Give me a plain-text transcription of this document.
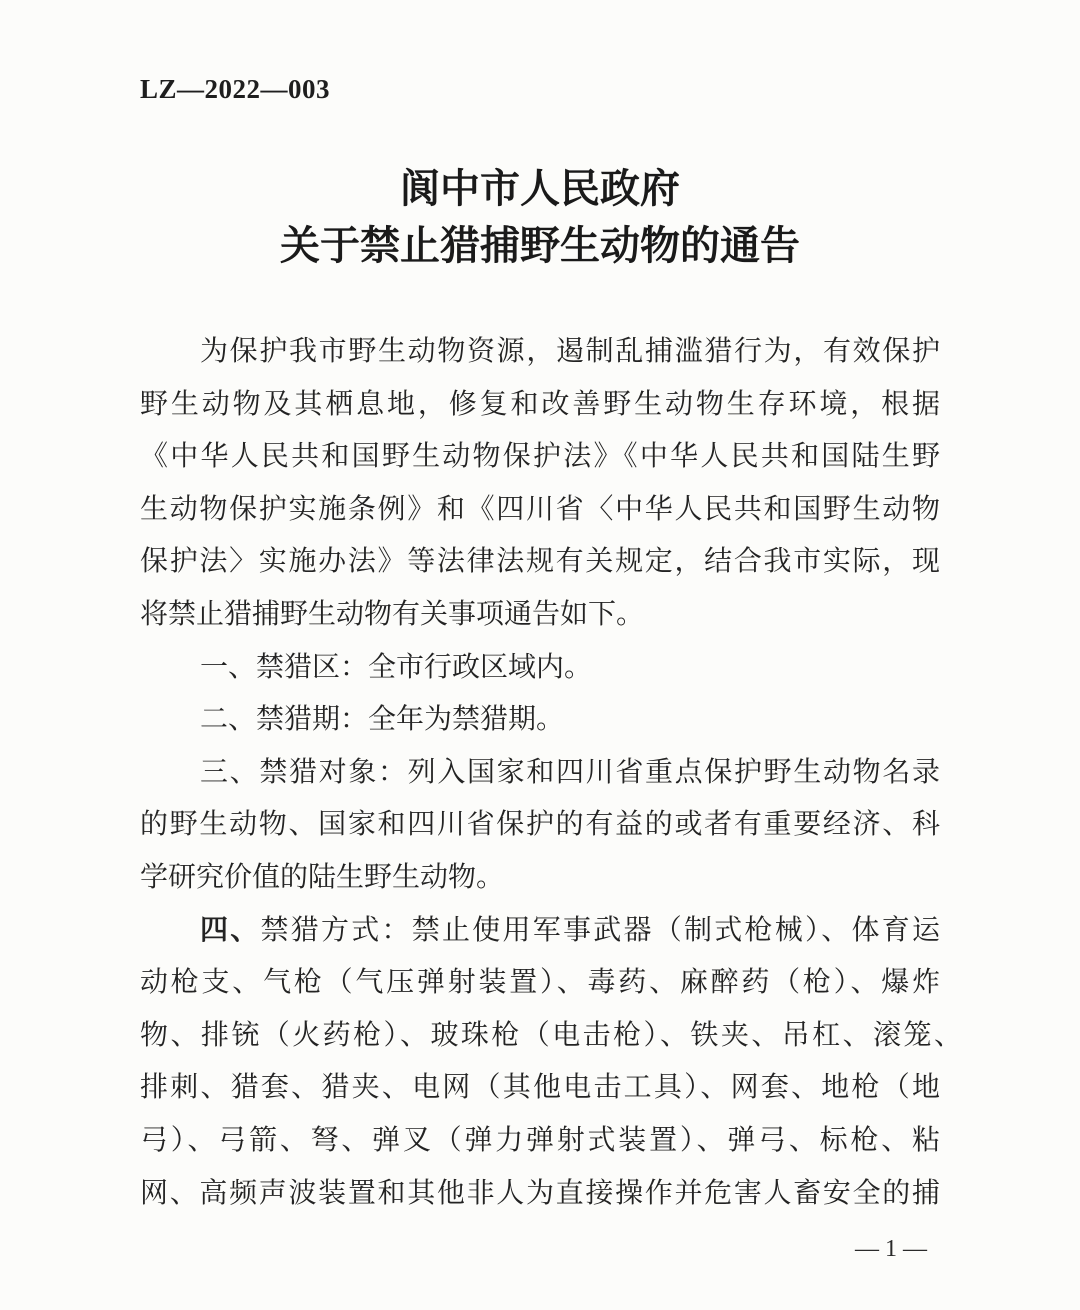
LZ—2022—003
阆中市人民政府
关于禁止猎捕野生动物的通告
为保护我市野生动物资源，遏制乱捕滥猎行为，有效保护
野生动物及其栖息地，修复和改善野生动物生存环境，根据
《中华人民共和国野生动物保护法》《中华人民共和国陆生野
生动物保护实施条例》和《四川省〈中华人民共和国野生动物
保护法〉实施办法》等法律法规有关规定，结合我市实际，现
将禁止猎捕野生动物有关事项通告如下。
一、禁猎区：全市行政区域内。
二、禁猎期：全年为禁猎期。
三、禁猎对象：列入国家和四川省重点保护野生动物名录
的野生动物、国家和四川省保护的有益的或者有重要经济、科
学研究价值的陆生野生动物。
四、禁猎方式：禁止使用军事武器（制式枪械）、体育运
动枪支、气枪（气压弹射装置）、毒药、麻醉药（枪）、爆炸
物、排铳（火药枪）、玻珠枪（电击枪）、铁夹、吊杠、滚笼、
排刺、猎套、猎夹、电网（其他电击工具）、网套、地枪（地
弓）、弓箭、弩、弹叉（弹力弹射式装置）、弹弓、标枪、粘
网、高频声波装置和其他非人为直接操作并危害人畜安全的捕
— 1 —
